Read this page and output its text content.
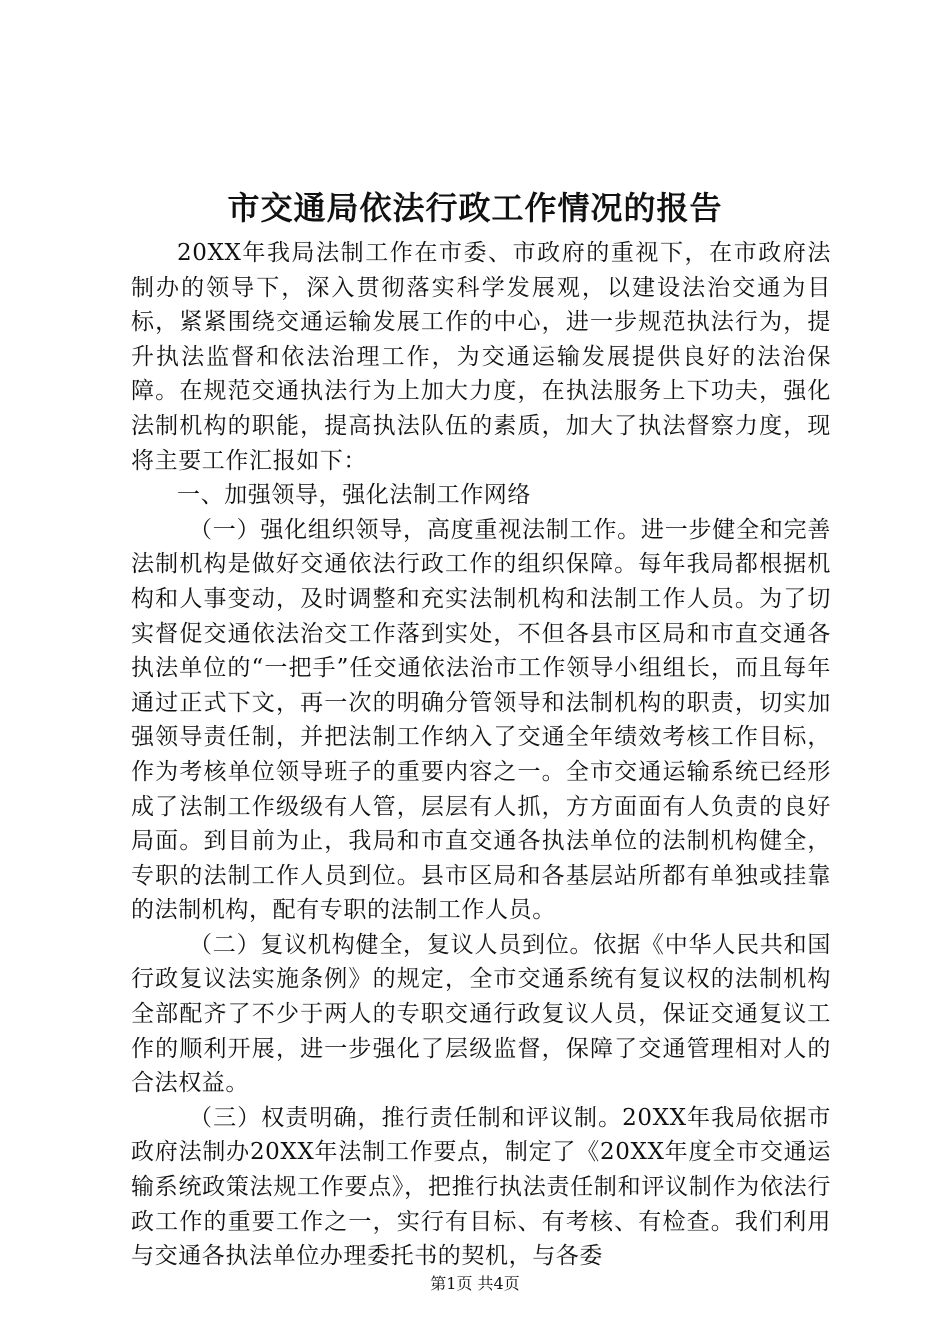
市交通局依法行政工作情况的报告

20XX年我局法制工作在市委、市政府的重视下，在市政府法制办的领导下，深入贯彻落实科学发展观，以建设法治交通为目标，紧紧围绕交通运输发展工作的中心，进一步规范执法行为，提升执法监督和依法治理工作，为交通运输发展提供良好的法治保障。在规范交通执法行为上加大力度，在执法服务上下功夫，强化法制机构的职能，提高执法队伍的素质，加大了执法督察力度，现将主要工作汇报如下：

一、加强领导，强化法制工作网络

（一）强化组织领导，高度重视法制工作。进一步健全和完善法制机构是做好交通依法行政工作的组织保障。每年我局都根据机构和人事变动，及时调整和充实法制机构和法制工作人员。为了切实督促交通依法治交工作落到实处，不但各县市区局和市直交通各执法单位的“一把手”任交通依法治市工作领导小组组长，而且每年通过正式下文，再一次的明确分管领导和法制机构的职责，切实加强领导责任制，并把法制工作纳入了交通全年绩效考核工作目标，作为考核单位领导班子的重要内容之一。全市交通运输系统已经形成了法制工作级级有人管，层层有人抓，方方面面有人负责的良好局面。到目前为止，我局和市直交通各执法单位的法制机构健全，专职的法制工作人员到位。县市区局和各基层站所都有单独或挂靠的法制机构，配有专职的法制工作人员。

（二）复议机构健全，复议人员到位。依据《中华人民共和国行政复议法实施条例》的规定，全市交通系统有复议权的法制机构全部配齐了不少于两人的专职交通行政复议人员，保证交通复议工作的顺利开展，进一步强化了层级监督，保障了交通管理相对人的合法权益。

（三）权责明确，推行责任制和评议制。20XX年我局依据市政府法制办20XX年法制工作要点，制定了《20XX年度全市交通运输系统政策法规工作要点》，把推行执法责任制和评议制作为依法行政工作的重要工作之一，实行有目标、有考核、有检查。我们利用与交通各执法单位办理委托书的契机，与各委

第1页 共4页
